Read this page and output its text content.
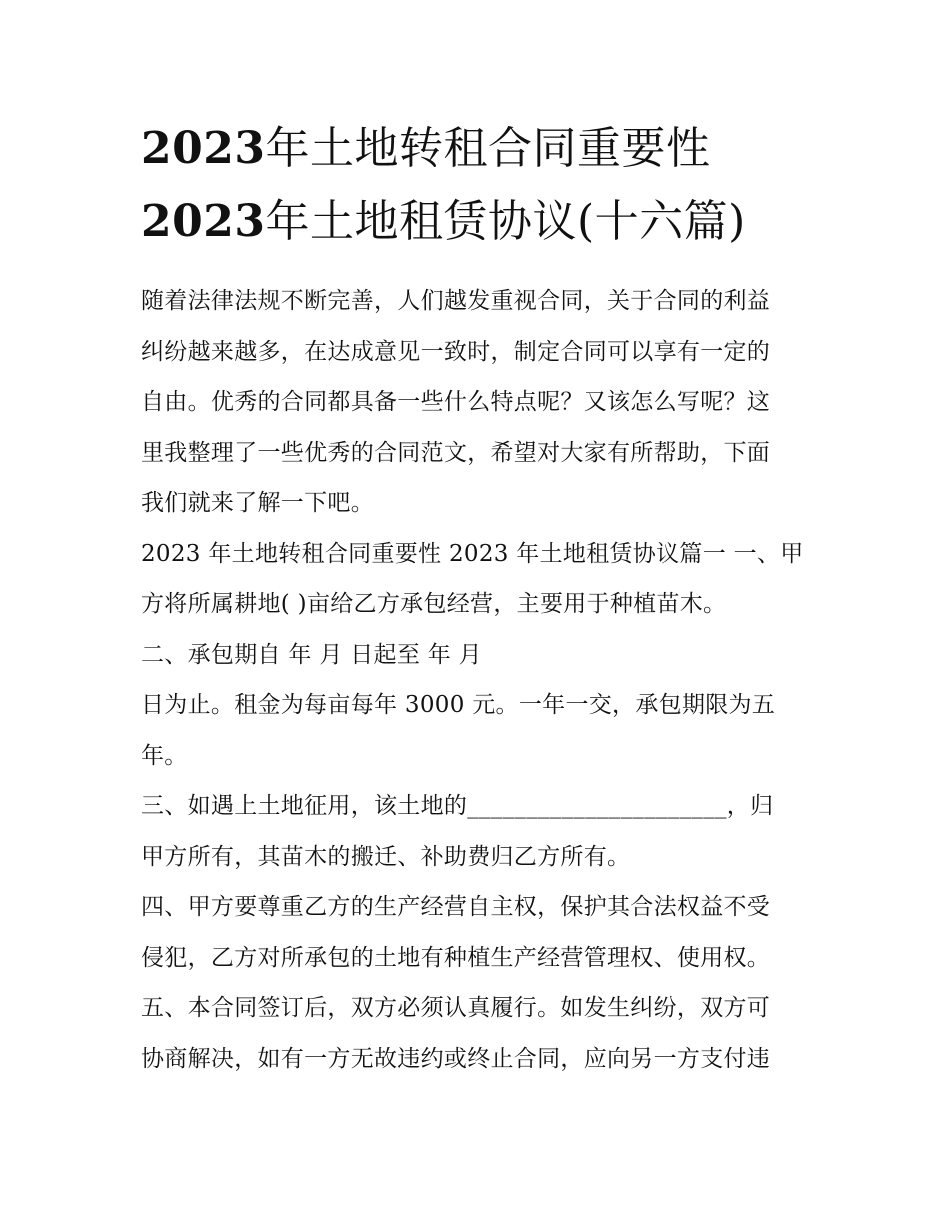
2023年土地转租合同重要性
2023年土地租赁协议(十六篇)

随着法律法规不断完善，人们越发重视合同，关于合同的利益
纠纷越来越多，在达成意见一致时，制定合同可以享有一定的
自由。优秀的合同都具备一些什么特点呢？又该怎么写呢？这
里我整理了一些优秀的合同范文，希望对大家有所帮助，下面
我们就来了解一下吧。

2023 年土地转租合同重要性 2023 年土地租赁协议篇一 一、甲
方将所属耕地( )亩给乙方承包经营，主要用于种植苗木。

二、承包期自 年 月 日起至 年 月
日为止。租金为每亩每年 3000 元。一年一交，承包期限为五
年。

三、如遇上土地征用，该土地的______________________，归
甲方所有，其苗木的搬迁、补助费归乙方所有。

四、甲方要尊重乙方的生产经营自主权，保护其合法权益不受
侵犯，乙方对所承包的土地有种植生产经营管理权、使用权。

五、本合同签订后，双方必须认真履行。如发生纠纷，双方可
协商解决，如有一方无故违约或终止合同，应向另一方支付违
